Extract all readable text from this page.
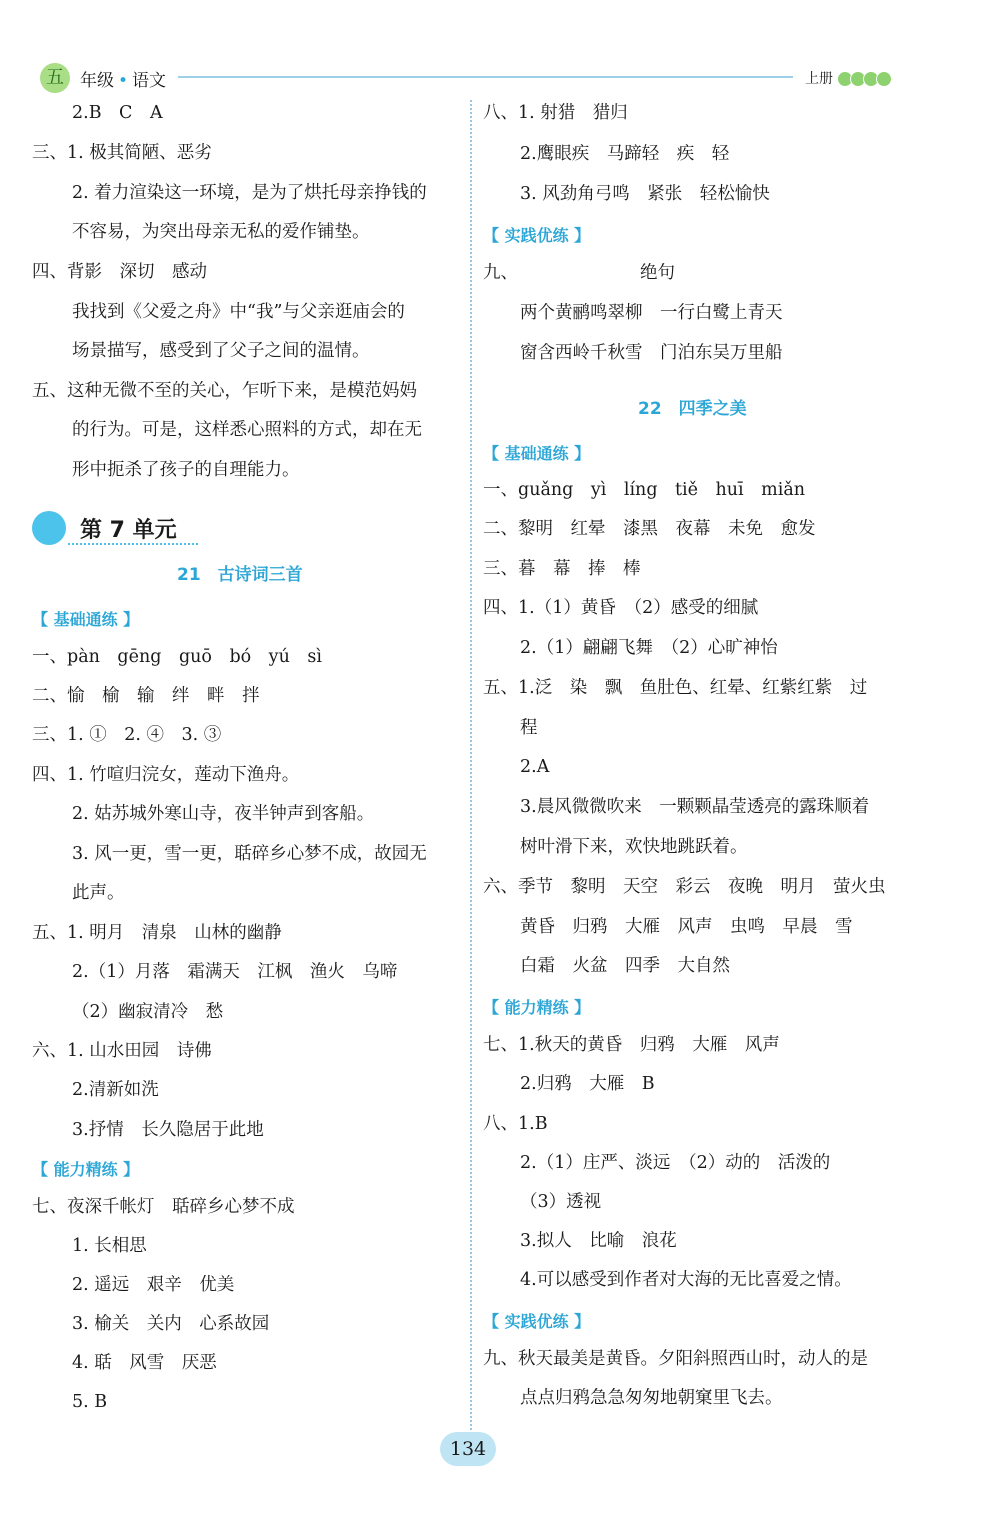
五 年级 • 语文	上册
2.B　C　A
三、1. 极其简陋、恶劣
2. 着力渲染这一环境，是为了烘托母亲挣钱的
不容易，为突出母亲无私的爱作铺垫。
四、背影　深切　感动
我找到《父爱之舟》中“我”与父亲逛庙会的
场景描写，感受到了父子之间的温情。
五、这种无微不至的关心，乍听下来，是模范妈妈
的行为。可是，这样悉心照料的方式，却在无
形中扼杀了孩子的自理能力。
第 7 单元
21　古诗词三首
【 基础通练 】
一、pàn　gēng　guō　bó　yú　sì
二、愉　榆　输　绊　畔　拌
三、1. ①　2. ④　3. ③
四、1. 竹喧归浣女，莲动下渔舟。
2. 姑苏城外寒山寺，夜半钟声到客船。
3. 风一更，雪一更，聒碎乡心梦不成，故园无
此声。
五、1. 明月　清泉　山林的幽静
2.（1）月落　霜满天　江枫　渔火　乌啼
（2）幽寂清冷　愁
六、1. 山水田园　诗佛
2.清新如洗
3.抒情　长久隐居于此地
【 能力精练 】
七、夜深千帐灯　聒碎乡心梦不成
1. 长相思
2. 遥远　艰辛　优美
3. 榆关　关内　心系故园
4. 聒　风雪　厌恶
5. B
八、1. 射猎　猎归
2.鹰眼疾　马蹄轻　疾　轻
3. 风劲角弓鸣　紧张　轻松愉快
【 实践优练 】
九、	绝句
两个黄鹂鸣翠柳　一行白鹭上青天
窗含西岭千秋雪　门泊东吴万里船
22　四季之美
【 基础通练 】
一、guǎng　yì　líng　tiě　huī　miǎn
二、黎明　红晕　漆黑　夜幕　未免　愈发
三、暮　幕　捧　棒
四、1.（1）黄昏　（2）感受的细腻
2.（1）翩翩飞舞　（2）心旷神怡
五、1.泛　染　飘　鱼肚色、红晕、红紫红紫　过
程
2.A
3.晨风微微吹来　一颗颗晶莹透亮的露珠顺着
树叶滑下来，欢快地跳跃着。
六、季节　黎明　天空　彩云　夜晚　明月　萤火虫
黄昏　归鸦　大雁　风声　虫鸣　早晨　雪
白霜　火盆　四季　大自然
【 能力精练 】
七、1.秋天的黄昏　归鸦　大雁　风声
2.归鸦　大雁　B
八、1.B
2.（1）庄严、淡远　（2）动的　活泼的
（3）透视
3.拟人　比喻　浪花
4.可以感受到作者对大海的无比喜爱之情。
【 实践优练 】
九、秋天最美是黄昏。夕阳斜照西山时，动人的是
点点归鸦急急匆匆地朝窠里飞去。
134
